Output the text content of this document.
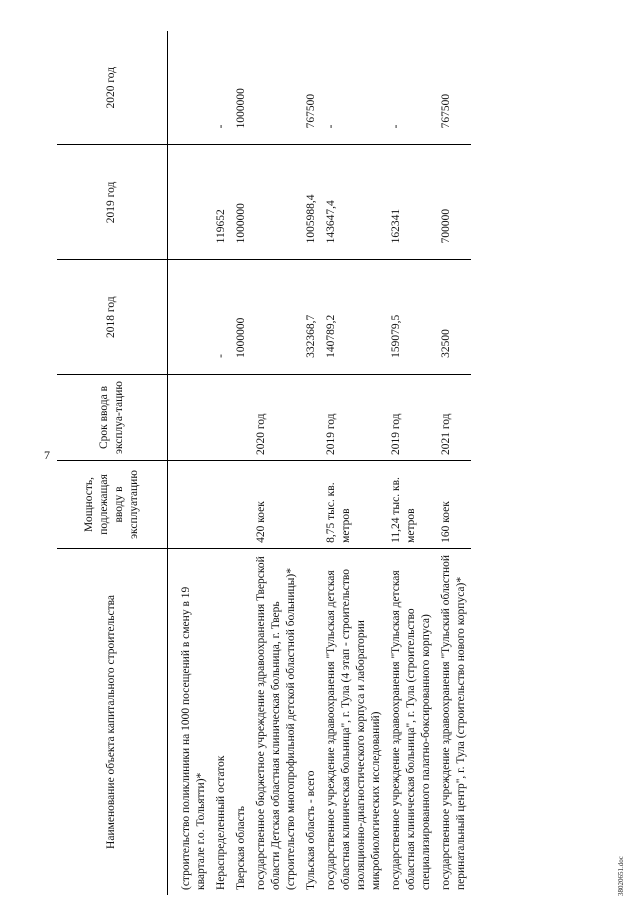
7
38020651.doc
Наименование объекта капитального строительства	Мощность, подлежащая вводу в эксплуатацию	Срок ввода в эксплуа-тацию	2018 год	2019 год	2020 год

(строительство поликлиники на 1000 посещений в смену в 19 квартале г.о. Тольятти)*					
Нераспределенный остаток			-	119652	-
Тверская область			1000000	1000000	1000000
государственное бюджетное учреждение здравоохранения Тверской области Детская областная клиническая больница, г. Тверь (строительство многопрофильной детской областной больницы)*	420 коек	2020 год			
Тульская область - всего			332368,7	1005988,4	767500
государственное учреждение здравоохранения "Тульская детская областная клиническая больница", г. Тула (4 этап - строительство изоляционно-диагностического корпуса и лаборатории микробиологических исследований)	8,75 тыс. кв. метров	2019 год	140789,2	143647,4	-
государственное учреждение здравоохранения "Тульская детская областная клиническая больница", г. Тула (строительство специализированного палатно-боксированного корпуса)	11,24 тыс. кв. метров	2019 год	159079,5	162341	-
государственное учреждение здравоохранения "Тульский областной перинатальный центр", г. Тула (строительство нового корпуса)*	160 коек	2021 год	32500	700000	767500
